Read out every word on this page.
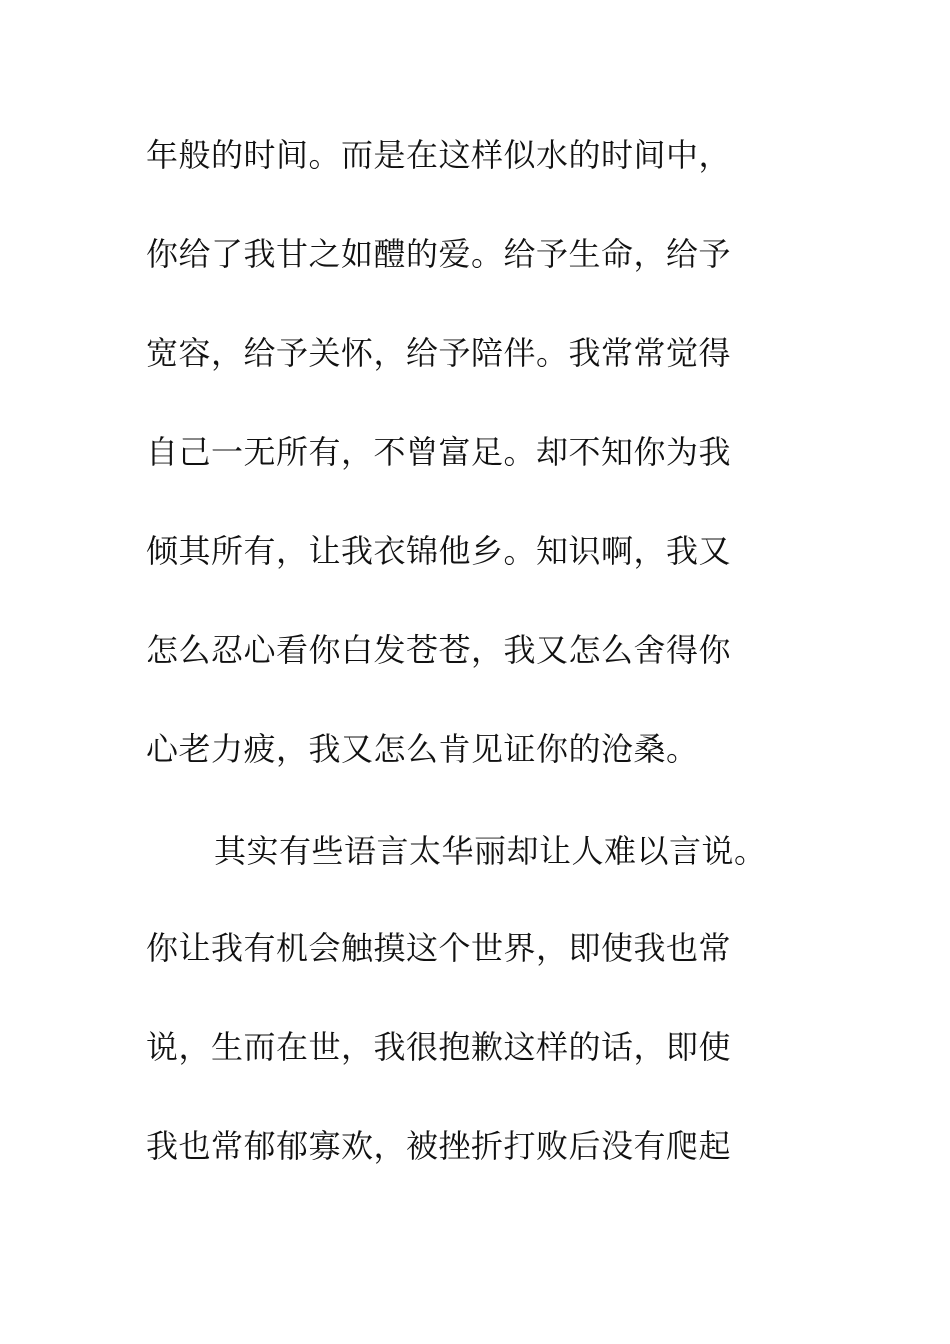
年般的时间。而是在这样似水的时间中，
你给了我甘之如醴的爱。给予生命，给予
宽容，给予关怀，给予陪伴。我常常觉得
自己一无所有，不曾富足。却不知你为我
倾其所有，让我衣锦他乡。知识啊，我又
怎么忍心看你白发苍苍，我又怎么舍得你
心老力疲，我又怎么肯见证你的沧桑。
其实有些语言太华丽却让人难以言说。
你让我有机会触摸这个世界，即使我也常
说，生而在世，我很抱歉这样的话，即使
我也常郁郁寡欢，被挫折打败后没有爬起
